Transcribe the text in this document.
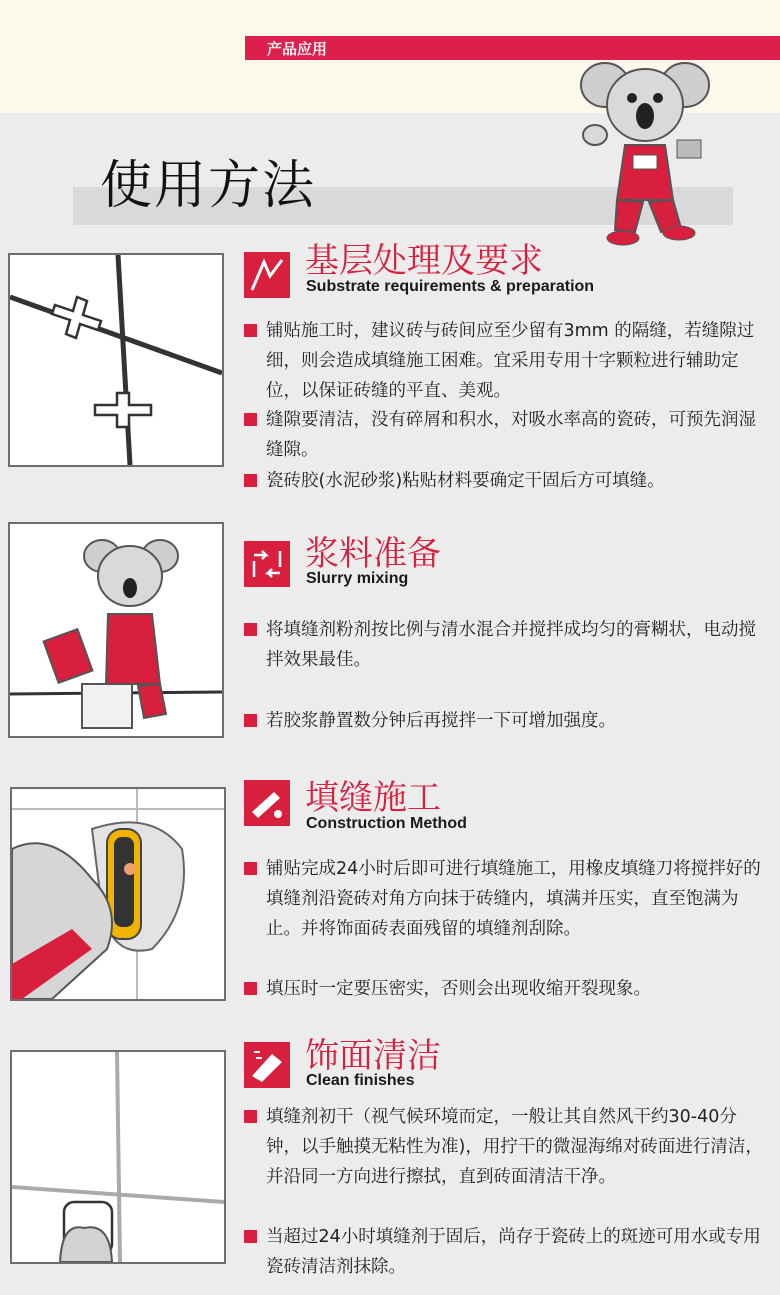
产品应用
使用方法
基层处理及要求
Substrate requirements & preparation
铺贴施工时，建议砖与砖间应至少留有3mm 的隔缝，若缝隙过细，则会造成填缝施工困难。宜采用专用十字颗粒进行辅助定位，以保证砖缝的平直、美观。
缝隙要清洁，没有碎屑和积水，对吸水率高的瓷砖，可预先润湿缝隙。
瓷砖胶(水泥砂浆)粘贴材料要确定干固后方可填缝。
浆料准备
Slurry mixing
将填缝剂粉剂按比例与清水混合并搅拌成均匀的膏糊状，电动搅拌效果最佳。
若胶浆静置数分钟后再搅拌一下可增加强度。
填缝施工
Construction Method
铺贴完成24小时后即可进行填缝施工，用橡皮填缝刀将搅拌好的填缝剂沿瓷砖对角方向抹于砖缝内，填满并压实，直至饱满为止。并将饰面砖表面残留的填缝剂刮除。
填压时一定要压密实，否则会出现收缩开裂现象。
饰面清洁
Clean finishes
填缝剂初干（视气候环境而定，一般让其自然风干约30-40分钟，以手触摸无粘性为准)，用拧干的微湿海绵对砖面进行清洁，并沿同一方向进行擦拭，直到砖面清洁干净。
当超过24小时填缝剂于固后，尚存于瓷砖上的斑迹可用水或专用瓷砖清洁剂抹除。
